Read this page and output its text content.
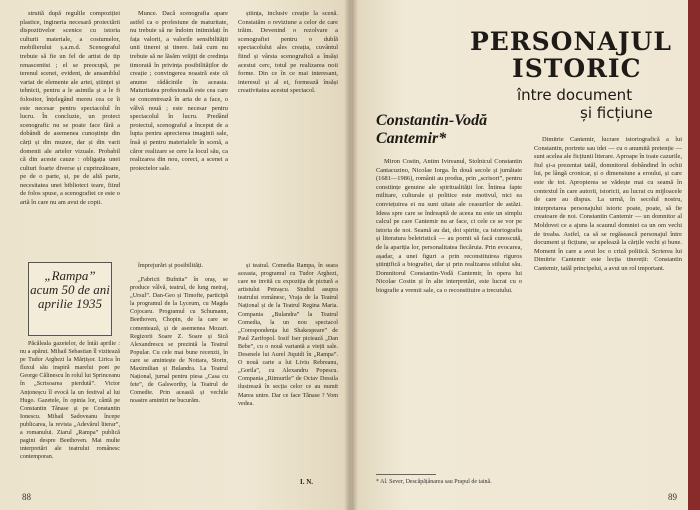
struită după regulile compoziției plastice, ingineria necesară proiectării dispozitivelor scenice cu istoria culturii materiale, a costumelor, mobilierului ș.a.m.d. Scenograful trebuie să fie un fel de artist de tip renascentist ; el se preocupă, pe terenul scenei, evident, de ansamblul variat de elemente ale artei, științei și tehnicii, pentru a le asimila și a le fi folositor, înțelegând mereu cea ce îi este necesar pentru spectacolul în lucru. În concluzie, un proiect scenografic nu se poate face fără a dobândi de asemenea cunoștințe din cărți și din muzee, dar și din varii domenii ale artelor vizuale. Probabil că din aceste cauze : obligația unei culturi foarte diverse și cuprinzătoare, pe de o parte, și, pe de altă parte, necesitatea unei biblioteci teare, fiind de folos spuse, a scenografiei ce este o artă în care nu am avut de copii.

Munce. Dacă scenografia apare astfel ca o profesiune de maturitate, nu trebuie să ne îndoim intimidați în fața valorii, a valorile sensibilității unii tinerei și tinere. Iată cum nu trebuie să ne lăsăm vrăjiți de credința timorată în privința posibilităților de creație ; convingerea noastră este că anume rădăcinile în aceasta. Maturitatea profesională este cea care se concentrează în arta de a face, o vâlvă nouă ; este necesar pentru spectacolul în lucru. Predând proiectul, scenograful a început de a lupta pentru aprecierea imaginii sale, însă și pentru materialele în scenă, a căror realizare se cere la locul său, ca realizarea din nou, corect, a scenei a proiectelor sale.

știința, inclusiv creație la scenă. Constatăm o reviziune a celor de care trăim. Devenind o rezolvare a scenografiei pentru o dublă spectacolului ales creația, cuvântul fiind și vârsta scenografică a însăși acestui cerc, totul pe realizarea noii forme. Din ce în ce mai interesant, interesul și al ei, formează însăși creativitatea acestui spectacol.

„Rampa” acum 50 de ani aprilie 1935

împrejurări și posibilități.

Păcăleala gazetelor, de întâi aprilie : nu a apărut. Mihail Sebastian îl vizitează pe Tudor Arghezi la Mărțișor. Lirica în fluxul său inspiră marelui poet pe George Călinescu în rolul lui Sprinceanu în „Scrisoarea pierdută”. Victor Anțoneșcu îl evocă la un festival al lui Hugo. Gazetele, în opinia lor, cântă pe Constantin Tănase și pe Constantin Ionescu. Mihail Sadoveanu începe publicarea, la revista „Adevărul literar”, a romanului. Ziarul „Rampa” publică pagini despre Beethoven. Mai multe interpretări ale teatrului românesc contemporan.

„Fabricii Bufnita” în oraș, se produce vâlvă, teatrul, de lung metraj, „Ursul”. Dan-Geo și Timofte, participă la programul de la Lyceum, cu Magda Cojocaru. Programul cu Schumann, Beethoven, Chopin, de la care se comentează, și de asemenea Mozart. Regizorii Soare Z. Soare și Sică Alexandrescu se prezintă la Teatrul Popular. Cu cele mai bune recenzii, în care se amintește de Nottara, Storin, Maximilian și Bulandra. La Teatrul Național, jurnal pentru piesa „Casa cu fete”, de Galsworthy, la Teatrul de Comedie. Prin această și vechile noastre amintiri ne bucurăm.

și teatral. Comedia Rampa, în seara aceasta, programul cu Tudor Arghezi, care ne invită cu expoziția de pictură a artistului Petrașcu. Studiul asupra teatrului românesc, Vraja de la Teatrul Național și de la Teatrul Regina Maria. Compania „Bulandra” la Teatrul Comedia, la un nou spectacol „Corespondența lui Shakespeare” de Paul Zarifopol. Iosif Iser pictează „Dan Bebe”, cu o nouă variantă a vieții sale. Desenele lui Aurel Jiquidi în „Rampa”. O nouă carte a lui Liviu Rebreanu, „Gorila”, cu Alexandru Popescu. Compania „Ritmurile” de Octav Dessila ilustrează în secția celor ce au numit Marea unire. Dar ce face Tănase ? Vom vedea.

I. N.
88
PERSONAJUL
ISTORIC
între document
și ficțiune
Constantin-Vodă
Cantemir*

Miron Costin, Antim Ivireanul, Stolnicul Constantin Cantacuzino, Nicolae Iorga. În două secole și jumătate (1681—1986), românii au produs, prin „scrisori”, pentru constiințe genuine ale spiritualității lor. Întinsa fapte militare, culturale și politice este motivul, nici ea conviețuirea ei nu sunt uitate ale ceasurilor de astăzi. Ideea spre care se îndreaptă de aceea nu este un simplu calcul pe care Cantemir nu ar face, ci cele ce se vor pe istoria de noi. Seamă au dat, doi spirite, ca istoriografia și literatura beletristică — au pornit să facă cunoscută, de la apariția lor, personalitatea fiecăruia. Prin evocarea, așadar, a unei figuri a prin reconstituirea riguros științifică a biografiei, dar și prin realizarea stilului său. Domnitorul Constantin-Vodă Cantemir, în opera lui Nicolae Costin și în alte interpretări, este lucrat cu o biografie a vremii sale, ca o reconstituire a trecutului.

Dimitrie Cantemir, lucrare istoriografică a lui Constantin, portrete sau idei — cu o anumită pretenție — sunt acelea ale ficțiunii literare. Aproape în toate cazurile, fiul și-a prezentat tatăl, domnitorul dobândind în ochii lui, pe lângă cronicar, și o dimensiune a eroului, și care este de tot. Apropierea se vădește mai cu seamă în contextul în care autorii, istoricii, au lucrat cu mijloacele de care au dispus. La urmă, în secolul nostru, interpretarea personajului istoric poate, poate, să fie creatoare de noi. Constantin Cantemir — un domnitor al Moldovei ce a ajuns la scaunul domniei ca un om vechi de treaba. Astfel, ca să se regăsească personajul între document și ficțiune, se apelează la cărțile vechi și bune. Moment în care a avut loc o criză politică. Scrierea lui Dimitrie Cantemir este lecția tinereții: Constantin Cantemir, tatăl principelui, a avut un rol important.

* Al. Sever, Descăpățânarea sau Prapul de taină.
89
